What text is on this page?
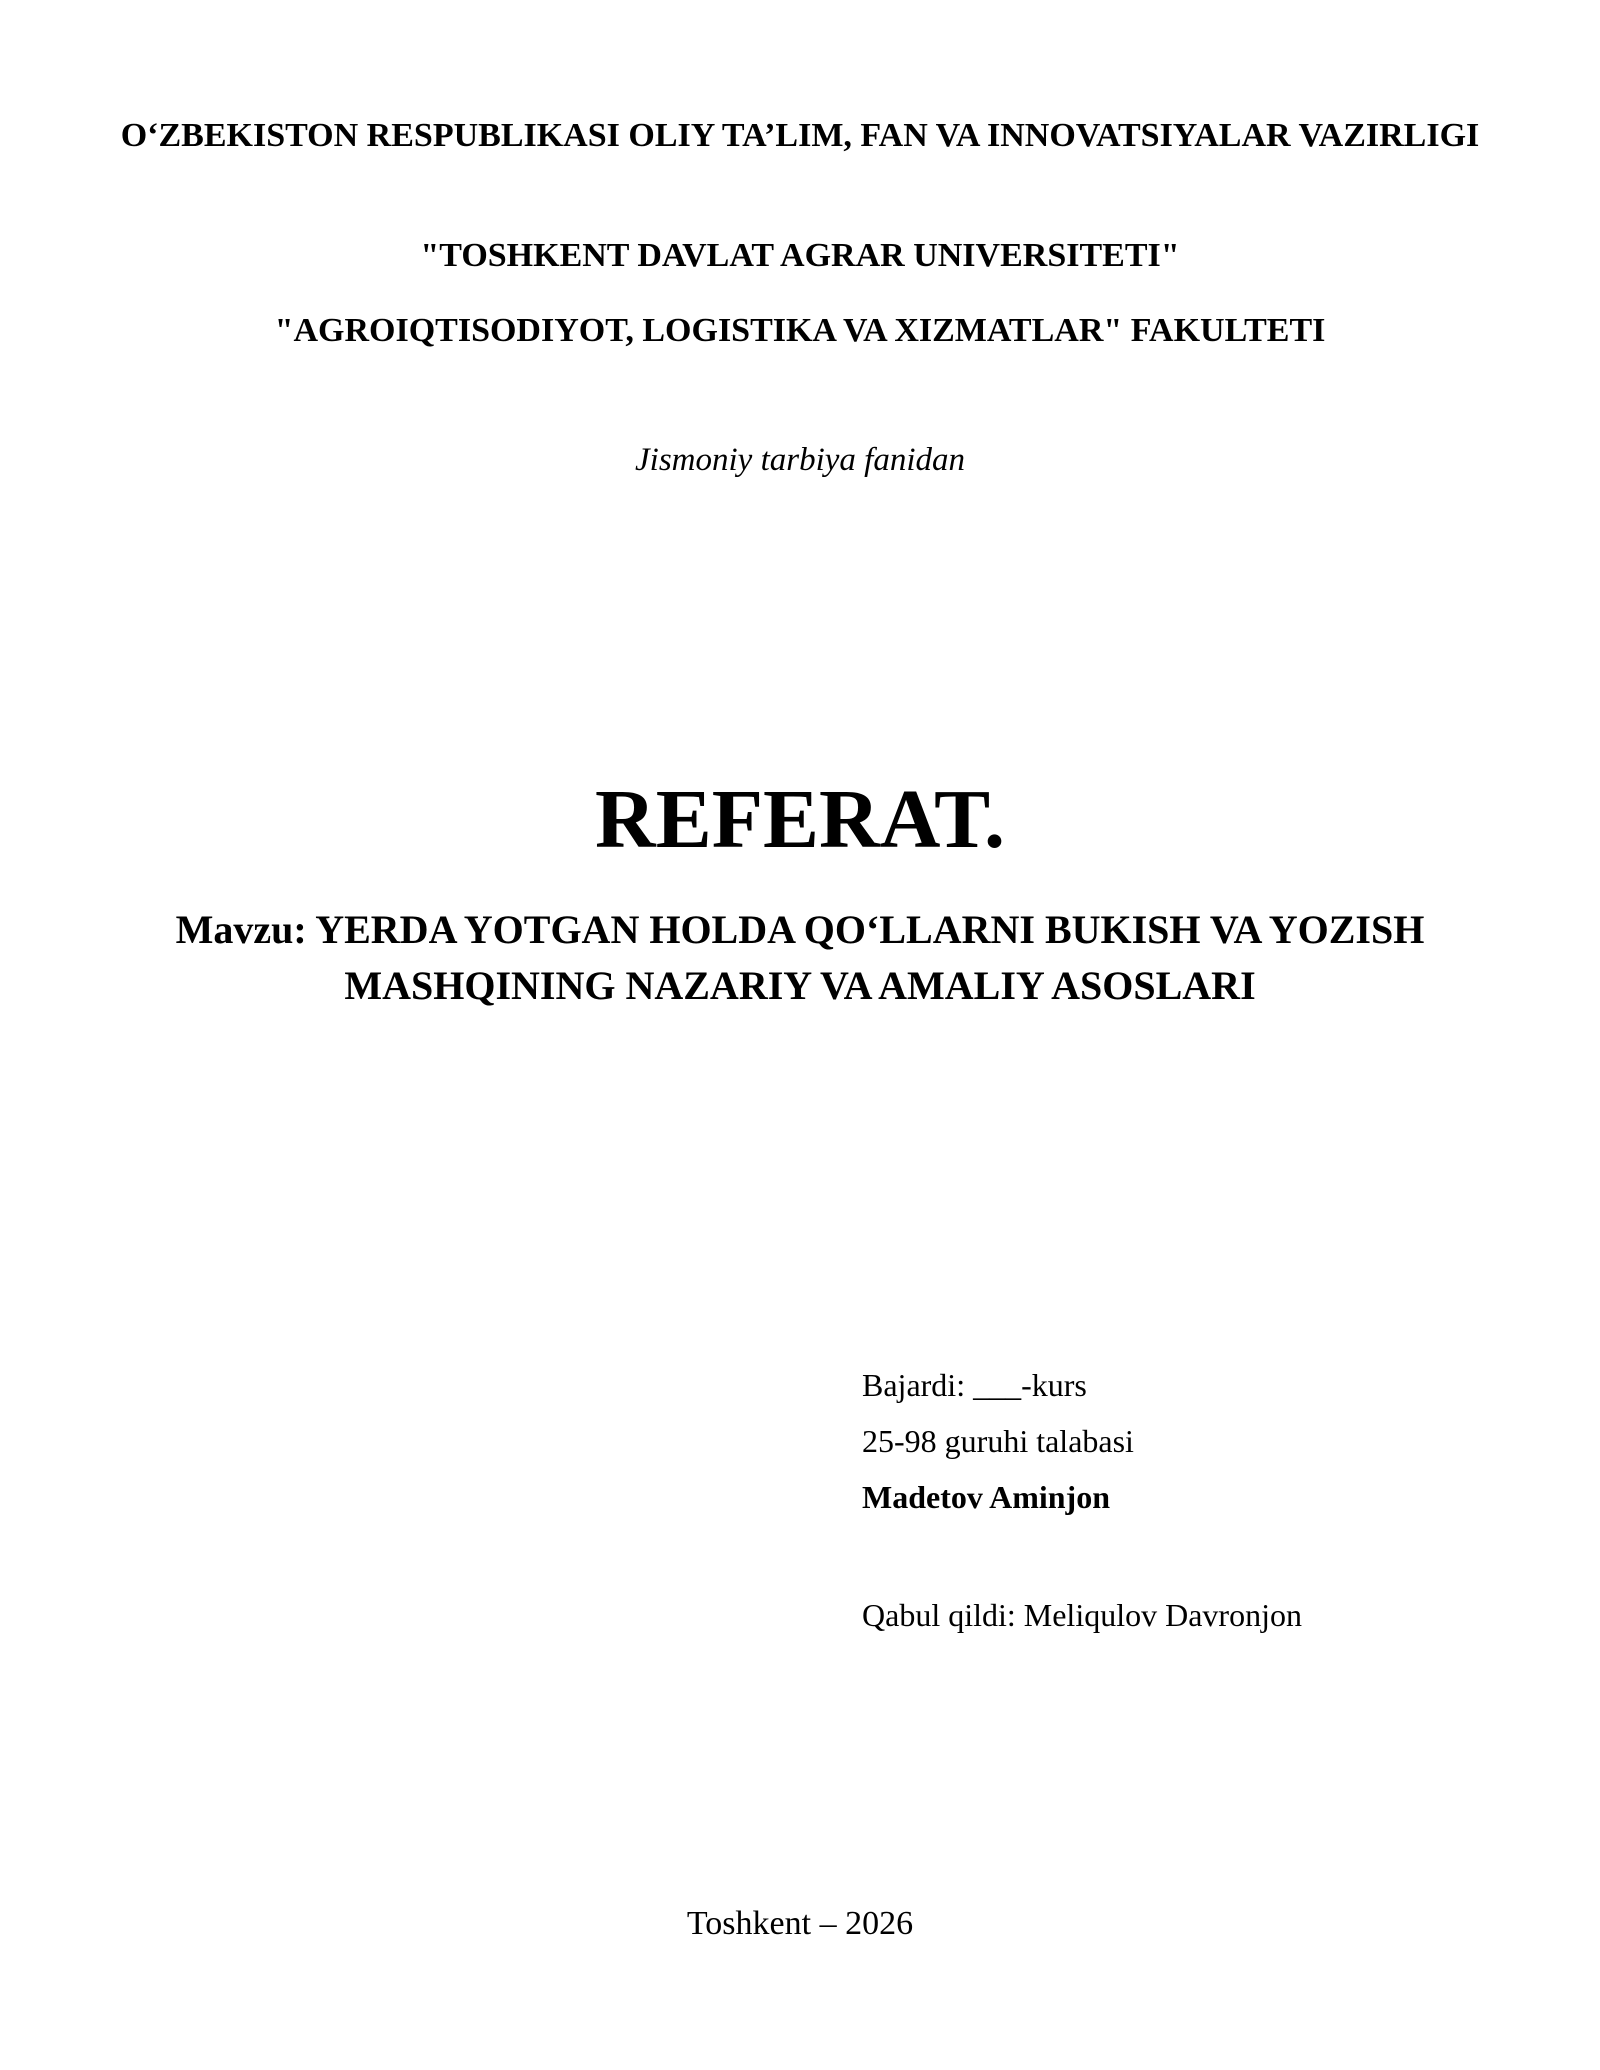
O‘ZBEKISTON RESPUBLIKASI OLIY TA’LIM, FAN VA INNOVATSIYALAR VAZIRLIGI
"TOSHKENT DAVLAT AGRAR UNIVERSITETI"
"AGROIQTISODIYOT, LOGISTIKA VA XIZMATLAR" FAKULTETI
Jismoniy tarbiya fanidan
REFERAT.
Mavzu: YERDA YOTGAN HOLDA QO‘LLARNI BUKISH VA YOZISH MASHQINING NAZARIY VA AMALIY ASOSLARI
Bajardi: ___-kurs
25-98 guruhi talabasi
Madetov Aminjon
Qabul qildi: Meliqulov Davronjon
Toshkent – 2026
